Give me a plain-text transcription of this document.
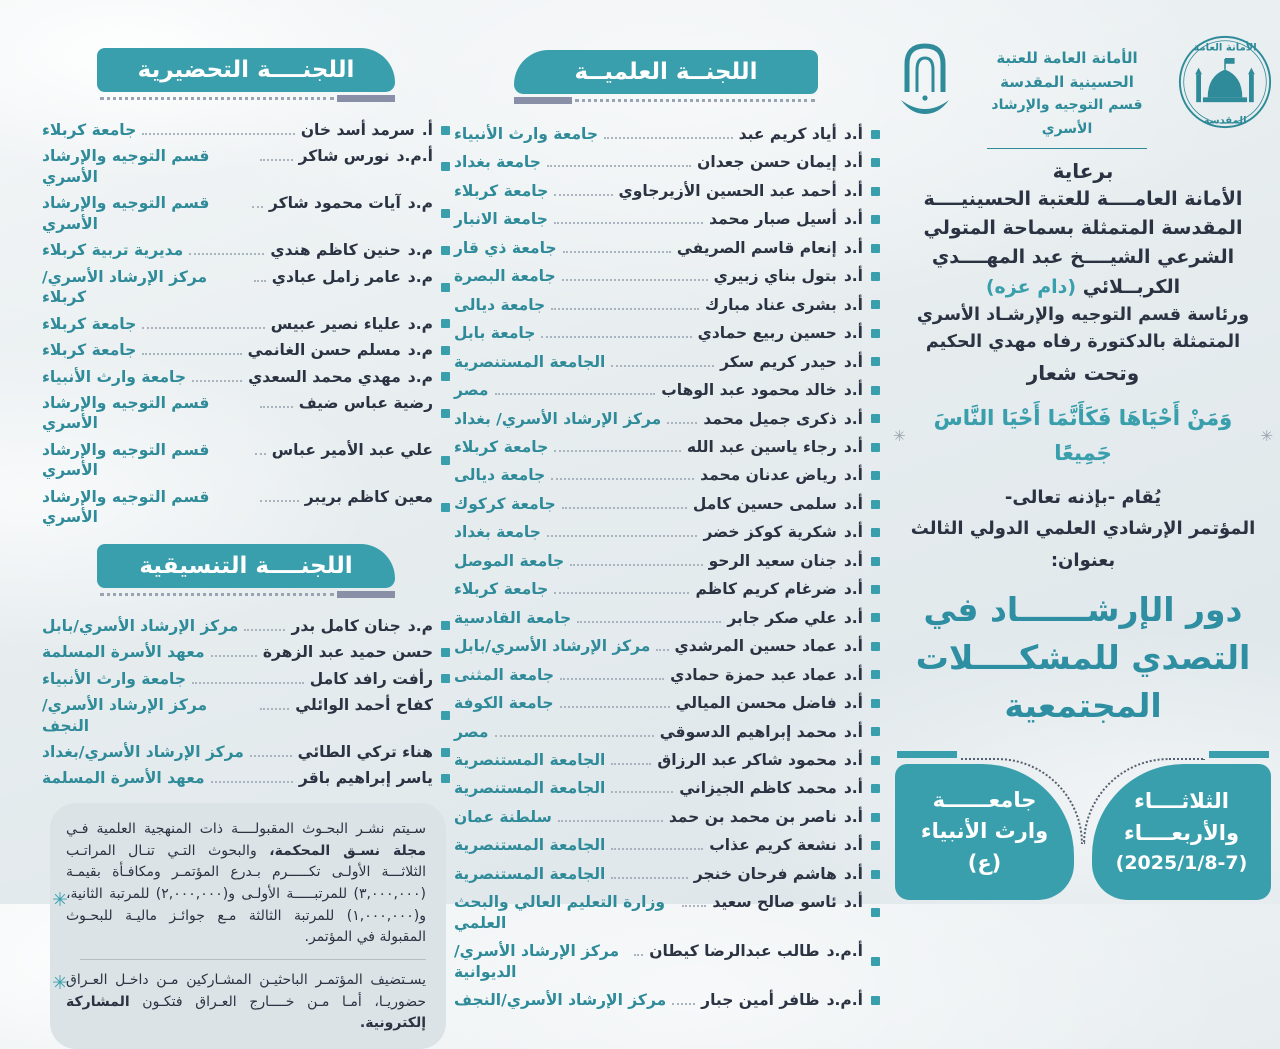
اللجنــــة التحضيرية
أ.
سرمد أسد خان
جامعة كربلاء
أ.م.د
نورس شاكر
قسم التوجيه والإرشاد الأسري
م.د
آيات محمود شاكر
قسم التوجيه والإرشاد الأسري
م.د
حنين كاظم هندي
مديرية تربية كربلاء
م.د
عامر زامل عبادي
مركز الإرشاد الأسري/كربلاء
م.د
علياء نصير عبيس
جامعة كربلاء
م.د
مسلم حسن الغانمي
جامعة كربلاء
م.د
مهدي محمد السعدي
جامعة وارث الأنبياء
رضية عباس ضيف
قسم التوجيه والإرشاد الأسري
علي عبد الأمير عباس
قسم التوجيه والإرشاد الأسري
معين كاظم بريبر
قسم التوجيه والإرشاد الأسري
اللجنــــة التنسيقية
م.د
جنان كامل بدر
مركز الإرشاد الأسري/بابل
حسن حميد عبد الزهرة
معهد الأسرة المسلمة
رأفت رافد كامل
جامعة وارث الأنبياء
كفاح أحمد الوائلي
مركز الإرشاد الأسري/النجف
هناء تركي الطائي
مركز الإرشاد الأسري/بغداد
ياسر إبراهيم باقر
معهد الأسرة المسلمة
✳
✳

سـيتم نشـر البحـوث المقبولــــة ذات المنهجية العلمية فـي مجلة نسـق المحكمة، والبحوث التـي تنـال المراتـب الثلاثـــة الأولـى تكـــــرم بـدرع المؤتمـر ومكافـأة بقيمـة (٣,٠٠٠,٠٠٠) للمرتبـــــة الأولـى و(٢,٠٠٠,٠٠٠) للمرتبة الثانية، و(١,٠٠٠,٠٠٠) للمرتبة الثالثة مـع جوائـز ماليـة للبحـوث المقبولة في المؤتمر.

يسـتضيف المؤتمـر الباحثيـن المشـاركين مـن داخـل العـراق حضوريـا، أمـا مـن خــــارج العـراق فتكـون المشاركة إلكترونية.

اللجنــة العلميــة
أ.د
أياد كريم عبد
جامعة وارث الأنبياء
أ.د
إيمان حسن جعدان
جامعة بغداد
أ.د
أحمد عبد الحسين الأزيرجاوي
جامعة كربلاء
أ.د
أسيل صبار محمد
جامعة الانبار
أ.د
إنعام قاسم الصريفي
جامعة ذي قار
أ.د
بتول بناي زبيري
جامعة البصرة
أ.د
بشرى عناد مبارك
جامعة ديالى
أ.د
حسين ربيع حمادي
جامعة بابل
أ.د
حيدر كريم سكر
الجامعة المستنصرية
أ.د
خالد محمود عبد الوهاب
مصر
أ.د
ذكرى جميل محمد
مركز الإرشاد الأسري/ بغداد
أ.د
رجاء ياسين عبد الله
جامعة كربلاء
أ.د
رياض عدنان محمد
جامعة ديالى
أ.د
سلمى حسين كامل
جامعة كركوك
أ.د
شكرية كوكز خضر
جامعة بغداد
أ.د
جنان سعيد الرحو
جامعة الموصل
أ.د
ضرغام كريم كاظم
جامعة كربلاء
أ.د
علي صكر جابر
جامعة القادسية
أ.د
عماد حسين المرشدي
مركز الإرشاد الأسري/بابل
أ.د
عماد عبد حمزة حمادي
جامعة المثنى
أ.د
فاضل محسن الميالي
جامعة الكوفة
أ.د
محمد إبراهيم الدسوقي
مصر
أ.د
محمود شاكر عبد الرزاق
الجامعة المستنصرية
أ.د
محمد كاظم الجيزاني
الجامعة المستنصرية
أ.د
ناصر بن محمد بن حمد
سلطنة عمان
أ.د
نشعة كريم عذاب
الجامعة المستنصرية
أ.د
هاشم فرحان خنجر
الجامعة المستنصرية
أ.د
ئاسو صالح سعيد
وزارة التعليم العالي والبحث العلمي
أ.م.د
طالب عبدالرضا كيطان
مركز الإرشاد الأسري/الديوانية
أ.م.د
ظافر أمين جبار
مركز الإرشاد الأسري/النجف
الأمانة العامة
المقدسة
الأمانة العامة للعتبة الحسينية المقدسة
قسم التوجيه والإرشاد الأسري
برعاية
الأمانة العامــــة للعتبة الحسينيــــة
المقدسة المتمثلة بسماحة المتولي
الشرعي الشيــــخ عبد المهــــدي
الكربــلائي (دام عزه)
ورئاسة قسم التوجيه والإرشـاد الأسري
المتمثلة بالدكتورة رفاه مهدي الحكيم
وتحت شعار
✳
وَمَنْ أَحْيَاهَا فَكَأَنَّمَا أَحْيَا النَّاسَ جَمِيعًا
✳
يُقام -بإذنه تعالى-
المؤتمر الإرشادي العلمي الدولي الثالث
بعنوان:
دور الإرشــــــاد في
التصدي للمشكــــلات
المجتمعية
الثلاثــــاء
والأربعــــاء
(2025/1/8-7)
جامعــــــة
وارث الأنبياء (ع)
